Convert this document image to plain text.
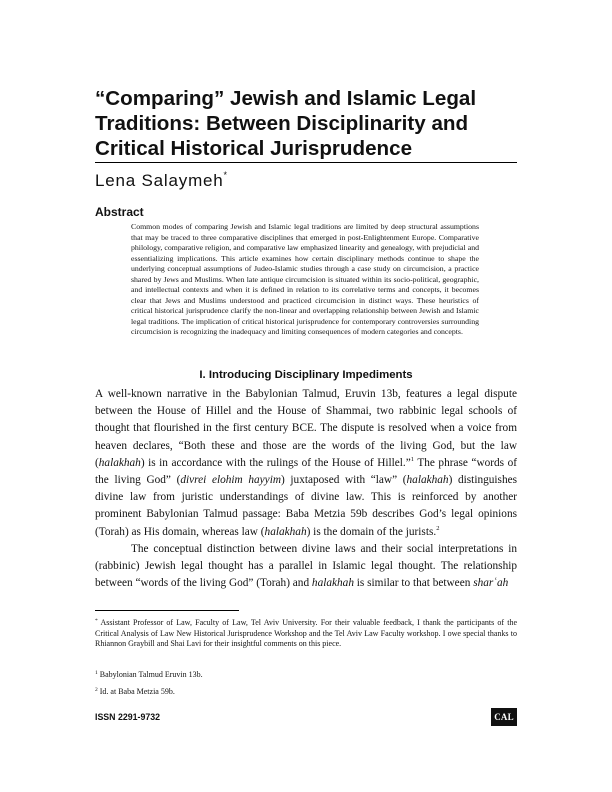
“Comparing” Jewish and Islamic Legal
Traditions: Between Disciplinarity and
Critical Historical Jurisprudence
Lena Salaymeh*
Abstract
Common modes of comparing Jewish and Islamic legal traditions are limited by deep structural assumptions that may be traced to three comparative disciplines that emerged in post-Enlightenment Europe. Comparative philology, comparative religion, and comparative law emphasized linearity and genealogy, with prejudicial and essentializing implications. This article examines how certain disciplinary methods continue to shape the underlying conceptual assumptions of Judeo-Islamic studies through a case study on circumcision, a practice shared by Jews and Muslims. When late antique circumcision is situated within its socio-political, geographic, and intellectual contexts and when it is defined in relation to its correlative terms and concepts, it becomes clear that Jews and Muslims understood and practiced circumcision in distinct ways. These heuristics of critical historical jurisprudence clarify the non-linear and overlapping relationship between Jewish and Islamic legal traditions. The implication of critical historical jurisprudence for contemporary controversies surrounding circumcision is recognizing the inadequacy and limiting consequences of modern categories and concepts.
I. Introducing Disciplinary Impediments

A well-known narrative in the Babylonian Talmud, Eruvin 13b, features a legal dispute between the House of Hillel and the House of Shammai, two rabbinic legal schools of thought that flourished in the first century BCE. The dispute is resolved when a voice from heaven declares, “Both these and those are the words of the living God, but the law (halakhah) is in accordance with the rulings of the House of Hillel.”$^1$ The phrase “words of the living God” (divrei elohim hayyim) juxtaposed with “law” (halakhah) distinguishes divine law from juristic understandings of divine law. This is reinforced by another prominent Babylonian Talmud passage: Baba Metzia 59b describes God’s legal opinions (Torah) as His domain, whereas law (halakhah) is the domain of the jurists.$^2$

The conceptual distinction between divine laws and their social interpretations in (rabbinic) Jewish legal thought has a parallel in Islamic legal thought. The relationship between “words of the living God” (Torah) and halakhah is similar to that between sharʿah

* Assistant Professor of Law, Faculty of Law, Tel Aviv University. For their valuable feedback, I thank the participants of the Critical Analysis of Law New Historical Jurisprudence Workshop and the Tel Aviv Law Faculty workshop. I owe special thanks to Rhiannon Graybill and Shai Lavi for their insightful comments on this piece.
$^1$ Babylonian Talmud Eruvin 13b.
$^2$ Id. at Baba Metzia 59b.
ISSN 2291-9732	CAL
